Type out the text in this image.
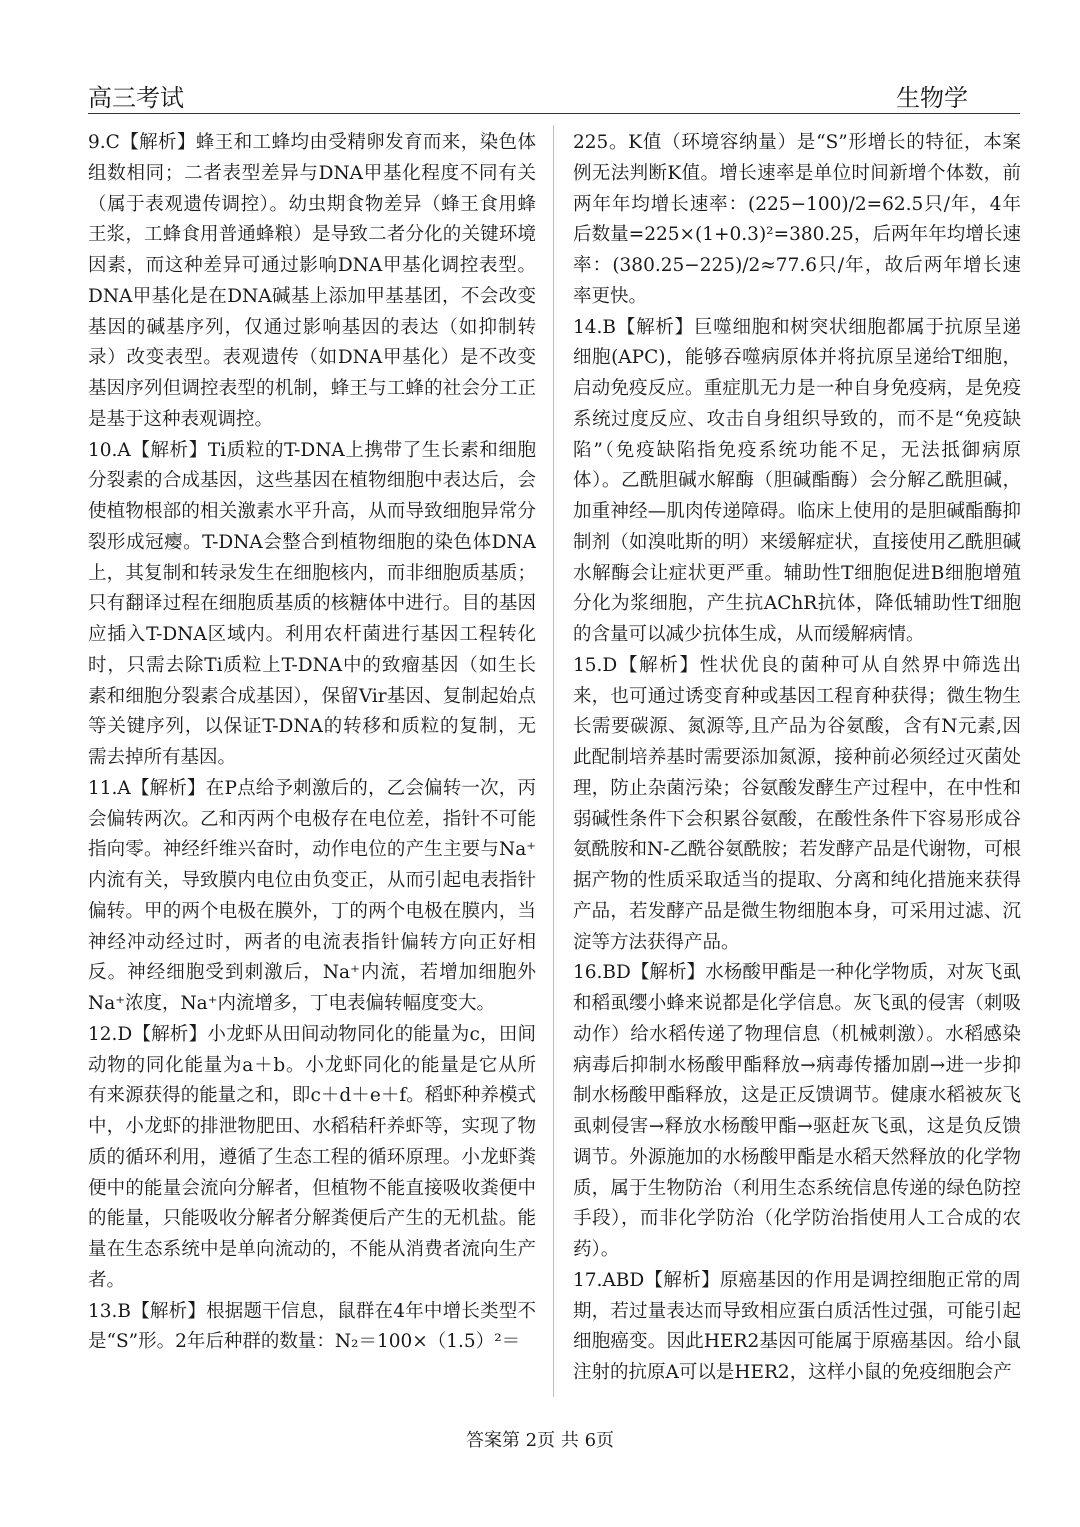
高三考试	生物学

9.C【解析】蜂王和工蜂均由受精卵发育而来，染色体组数相同；二者表型差异与DNA甲基化程度不同有关（属于表观遗传调控）。幼虫期食物差异（蜂王食用蜂王浆，工蜂食用普通蜂粮）是导致二者分化的关键环境因素，而这种差异可通过影响DNA甲基化调控表型。DNA甲基化是在DNA碱基上添加甲基基团，不会改变基因的碱基序列，仅通过影响基因的表达（如抑制转录）改变表型。表观遗传（如DNA甲基化）是不改变基因序列但调控表型的机制，蜂王与工蜂的社会分工正是基于这种表观调控。

10.A【解析】Ti质粒的T-DNA上携带了生长素和细胞分裂素的合成基因，这些基因在植物细胞中表达后，会使植物根部的相关激素水平升高，从而导致细胞异常分裂形成冠瘿。T-DNA会整合到植物细胞的染色体DNA上，其复制和转录发生在细胞核内，而非细胞质基质；只有翻译过程在细胞质基质的核糖体中进行。目的基因应插入T-DNA区域内。利用农杆菌进行基因工程转化时，只需去除Ti质粒上T-DNA中的致瘤基因（如生长素和细胞分裂素合成基因），保留Vir基因、复制起始点等关键序列，以保证T-DNA的转移和质粒的复制，无需去掉所有基因。

11.A【解析】在P点给予刺激后的，乙会偏转一次，丙会偏转两次。乙和丙两个电极存在电位差，指针不可能指向零。神经纤维兴奋时，动作电位的产生主要与Na⁺内流有关，导致膜内电位由负变正，从而引起电表指针偏转。甲的两个电极在膜外，丁的两个电极在膜内，当神经冲动经过时，两者的电流表指针偏转方向正好相反。神经细胞受到刺激后，Na⁺内流，若增加细胞外Na⁺浓度，Na⁺内流增多，丁电表偏转幅度变大。

12.D【解析】小龙虾从田间动物同化的能量为c，田间动物的同化能量为a＋b。小龙虾同化的能量是它从所有来源获得的能量之和，即c＋d＋e＋f。稻虾种养模式中，小龙虾的排泄物肥田、水稻秸秆养虾等，实现了物质的循环利用，遵循了生态工程的循环原理。小龙虾粪便中的能量会流向分解者，但植物不能直接吸收粪便中的能量，只能吸收分解者分解粪便后产生的无机盐。能量在生态系统中是单向流动的，不能从消费者流向生产者。

13.B【解析】根据题干信息，鼠群在4年中增长类型不是“S”形。2年后种群的数量：N₂＝100×（1.5）²＝

225。K值（环境容纳量）是“S”形增长的特征，本案例无法判断K值。增长速率是单位时间新增个体数，前两年年均增长速率：(225−100)/2=62.5只/年，4年后数量=225×(1+0.3)²=380.25，后两年年均增长速率：(380.25−225)/2≈77.6只/年，故后两年增长速率更快。

14.B【解析】巨噬细胞和树突状细胞都属于抗原呈递细胞(APC)，能够吞噬病原体并将抗原呈递给T细胞，启动免疫反应。重症肌无力是一种自身免疫病，是免疫系统过度反应、攻击自身组织导致的，而不是“免疫缺陷”（免疫缺陷指免疫系统功能不足，无法抵御病原体）。乙酰胆碱水解酶（胆碱酯酶）会分解乙酰胆碱，加重神经—肌肉传递障碍。临床上使用的是胆碱酯酶抑制剂（如溴吡斯的明）来缓解症状，直接使用乙酰胆碱水解酶会让症状更严重。辅助性T细胞促进B细胞增殖分化为浆细胞，产生抗AChR抗体，降低辅助性T细胞的含量可以减少抗体生成，从而缓解病情。

15.D【解析】性状优良的菌种可从自然界中筛选出来，也可通过诱变育种或基因工程育种获得；微生物生长需要碳源、氮源等,且产品为谷氨酸，含有N元素,因此配制培养基时需要添加氮源，接种前必须经过灭菌处理，防止杂菌污染；谷氨酸发酵生产过程中，在中性和弱碱性条件下会积累谷氨酸，在酸性条件下容易形成谷氨酰胺和N-乙酰谷氨酰胺；若发酵产品是代谢物，可根据产物的性质采取适当的提取、分离和纯化措施来获得产品，若发酵产品是微生物细胞本身，可采用过滤、沉淀等方法获得产品。

16.BD【解析】水杨酸甲酯是一种化学物质，对灰飞虱和稻虱缨小蜂来说都是化学信息。灰飞虱的侵害（刺吸动作）给水稻传递了物理信息（机械刺激）。水稻感染病毒后抑制水杨酸甲酯释放→病毒传播加剧→进一步抑制水杨酸甲酯释放，这是正反馈调节。健康水稻被灰飞虱刺侵害→释放水杨酸甲酯→驱赶灰飞虱，这是负反馈调节。外源施加的水杨酸甲酯是水稻天然释放的化学物质，属于生物防治（利用生态系统信息传递的绿色防控手段），而非化学防治（化学防治指使用人工合成的农药）。

17.ABD【解析】原癌基因的作用是调控细胞正常的周期，若过量表达而导致相应蛋白质活性过强，可能引起细胞癌变。因此HER2基因可能属于原癌基因。给小鼠注射的抗原A可以是HER2，这样小鼠的免疫细胞会产

答案第 2页 共 6页
